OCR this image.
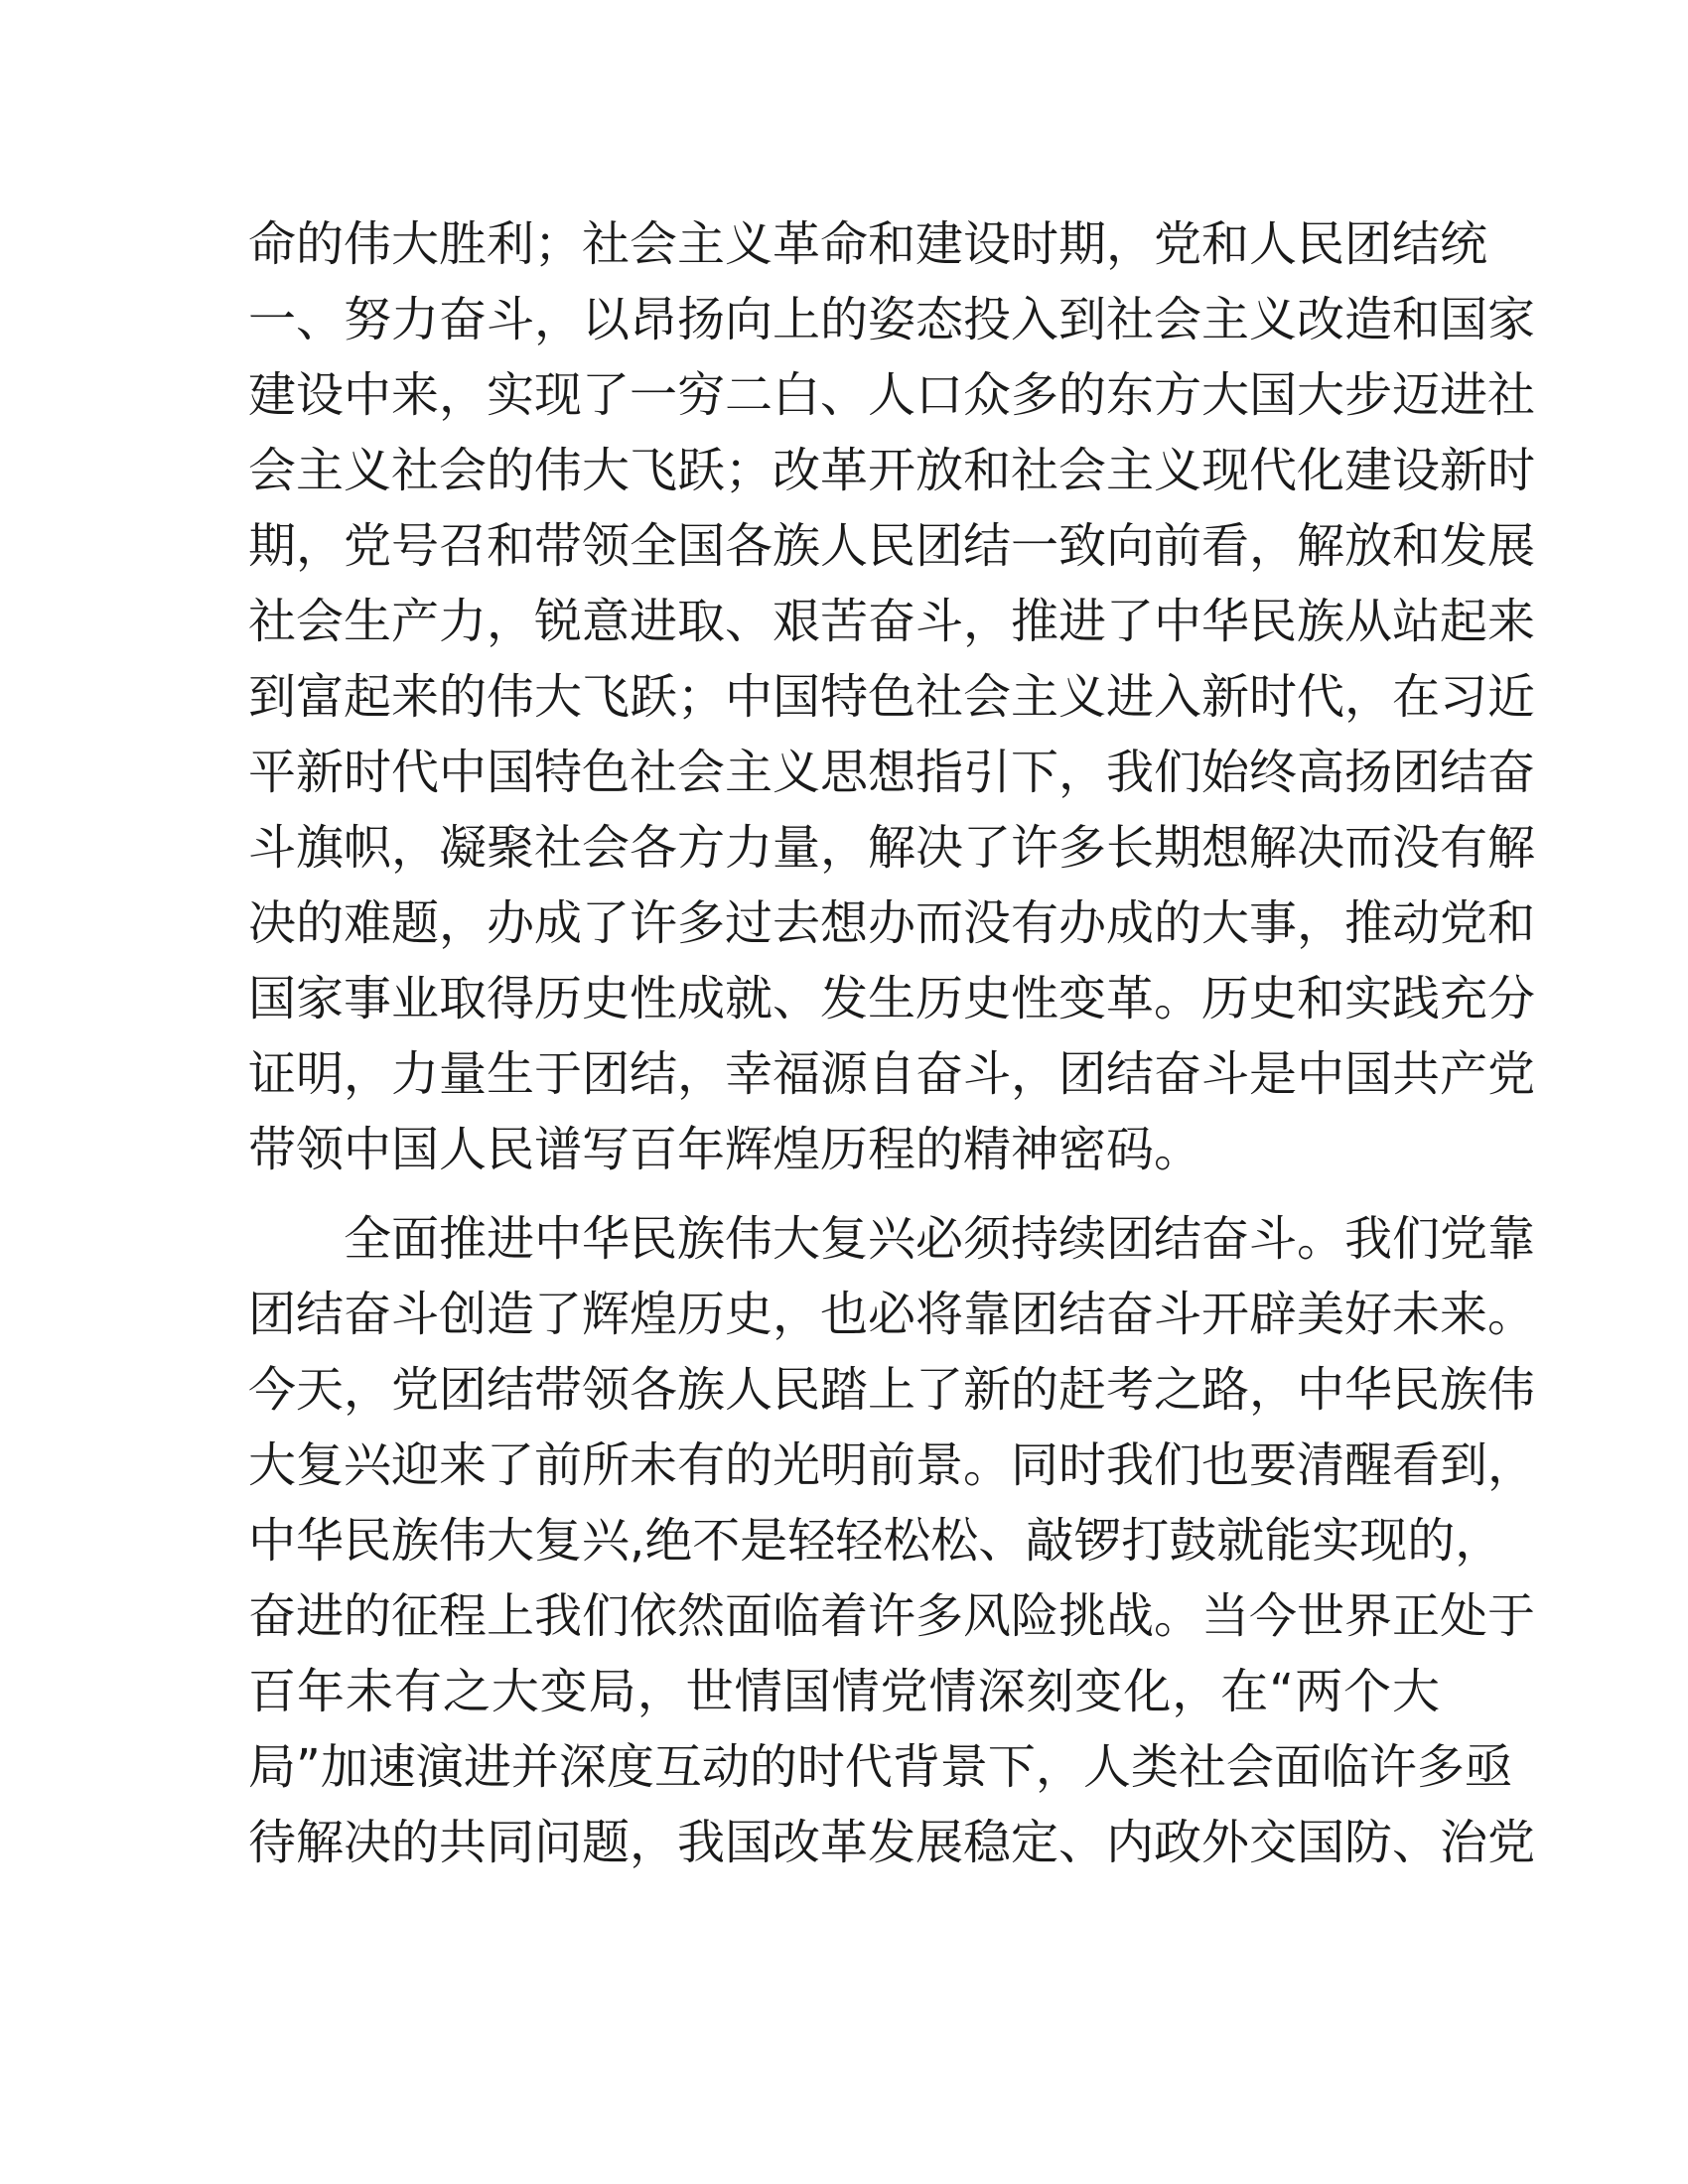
命的伟大胜利；社会主义革命和建设时期，党和人民团结统
一、努力奋斗，以昂扬向上的姿态投入到社会主义改造和国家
建设中来，实现了一穷二白、人口众多的东方大国大步迈进社
会主义社会的伟大飞跃；改革开放和社会主义现代化建设新时
期，党号召和带领全国各族人民团结一致向前看，解放和发展
社会生产力，锐意进取、艰苦奋斗，推进了中华民族从站起来
到富起来的伟大飞跃；中国特色社会主义进入新时代，在习近
平新时代中国特色社会主义思想指引下，我们始终高扬团结奋
斗旗帜，凝聚社会各方力量，解决了许多长期想解决而没有解
决的难题，办成了许多过去想办而没有办成的大事，推动党和
国家事业取得历史性成就、发生历史性变革。历史和实践充分
证明，力量生于团结，幸福源自奋斗，团结奋斗是中国共产党
带领中国人民谱写百年辉煌历程的精神密码。
　　全面推进中华民族伟大复兴必须持续团结奋斗。我们党靠
团结奋斗创造了辉煌历史，也必将靠团结奋斗开辟美好未来。
今天，党团结带领各族人民踏上了新的赶考之路，中华民族伟
大复兴迎来了前所未有的光明前景。同时我们也要清醒看到，
中华民族伟大复兴,绝不是轻轻松松、敲锣打鼓就能实现的，
奋进的征程上我们依然面临着许多风险挑战。当今世界正处于
百年未有之大变局，世情国情党情深刻变化，在“两个大
局”加速演进并深度互动的时代背景下，人类社会面临许多亟
待解决的共同问题，我国改革发展稳定、内政外交国防、治党
